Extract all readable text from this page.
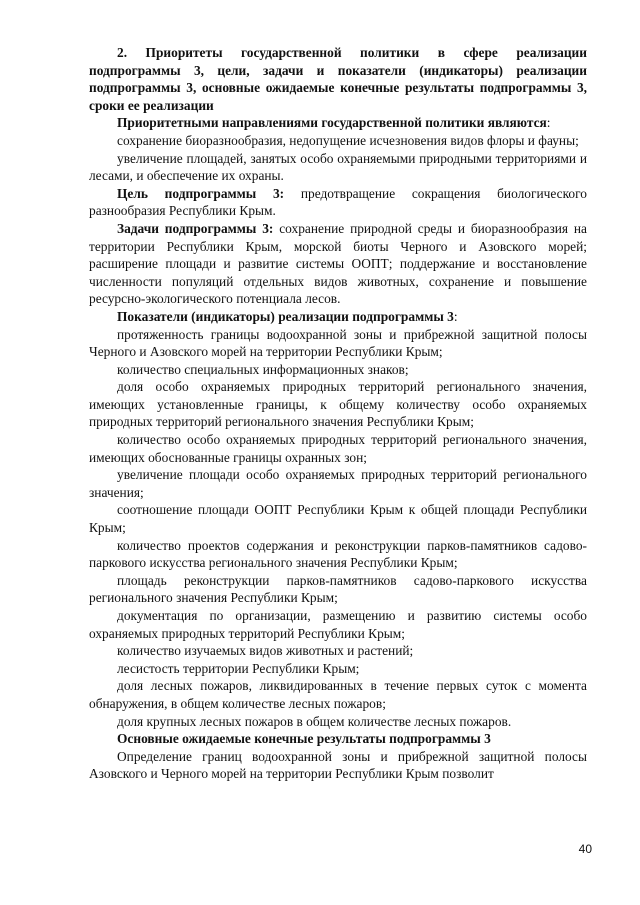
2. Приоритеты государственной политики в сфере реализации подпрограммы 3, цели, задачи и показатели (индикаторы) реализации подпрограммы 3, основные ожидаемые конечные результаты подпрограммы 3, сроки ее реализации

Приоритетными направлениями государственной политики являются:

сохранение биоразнообразия, недопущение исчезновения видов флоры и фауны;

увеличение площадей, занятых особо охраняемыми природными территориями и лесами, и обеспечение их охраны.

Цель подпрограммы 3: предотвращение сокращения биологического разнообразия Республики Крым.

Задачи подпрограммы 3: сохранение природной среды и биоразнообразия на территории Республики Крым, морской биоты Черного и Азовского морей; расширение площади и развитие системы ООПТ; поддержание и восстановление численности популяций отдельных видов животных, сохранение и повышение ресурсно-экологического потенциала лесов.

Показатели (индикаторы) реализации подпрограммы 3:

протяженность границы водоохранной зоны и прибрежной защитной полосы Черного и Азовского морей на территории Республики Крым;

количество специальных информационных знаков;

доля особо охраняемых природных территорий регионального значения, имеющих установленные границы, к общему количеству особо охраняемых природных территорий регионального значения Республики Крым;

количество особо охраняемых природных территорий регионального значения, имеющих обоснованные границы охранных зон;

увеличение площади особо охраняемых природных территорий регионального значения;

соотношение площади ООПТ Республики Крым к общей площади Республики Крым;

количество проектов содержания и реконструкции парков-памятников садово-паркового искусства регионального значения Республики Крым;

площадь реконструкции парков-памятников садово-паркового искусства регионального значения Республики Крым;

документация по организации, размещению и развитию системы особо охраняемых природных территорий Республики Крым;

количество изучаемых видов животных и растений;

лесистость территории Республики Крым;

доля лесных пожаров, ликвидированных в течение первых суток с момента обнаружения, в общем количестве лесных пожаров;

доля крупных лесных пожаров в общем количестве лесных пожаров.

Основные ожидаемые конечные результаты подпрограммы 3

Определение границ водоохранной зоны и прибрежной защитной полосы Азовского и Черного морей на территории Республики Крым позволит

40
